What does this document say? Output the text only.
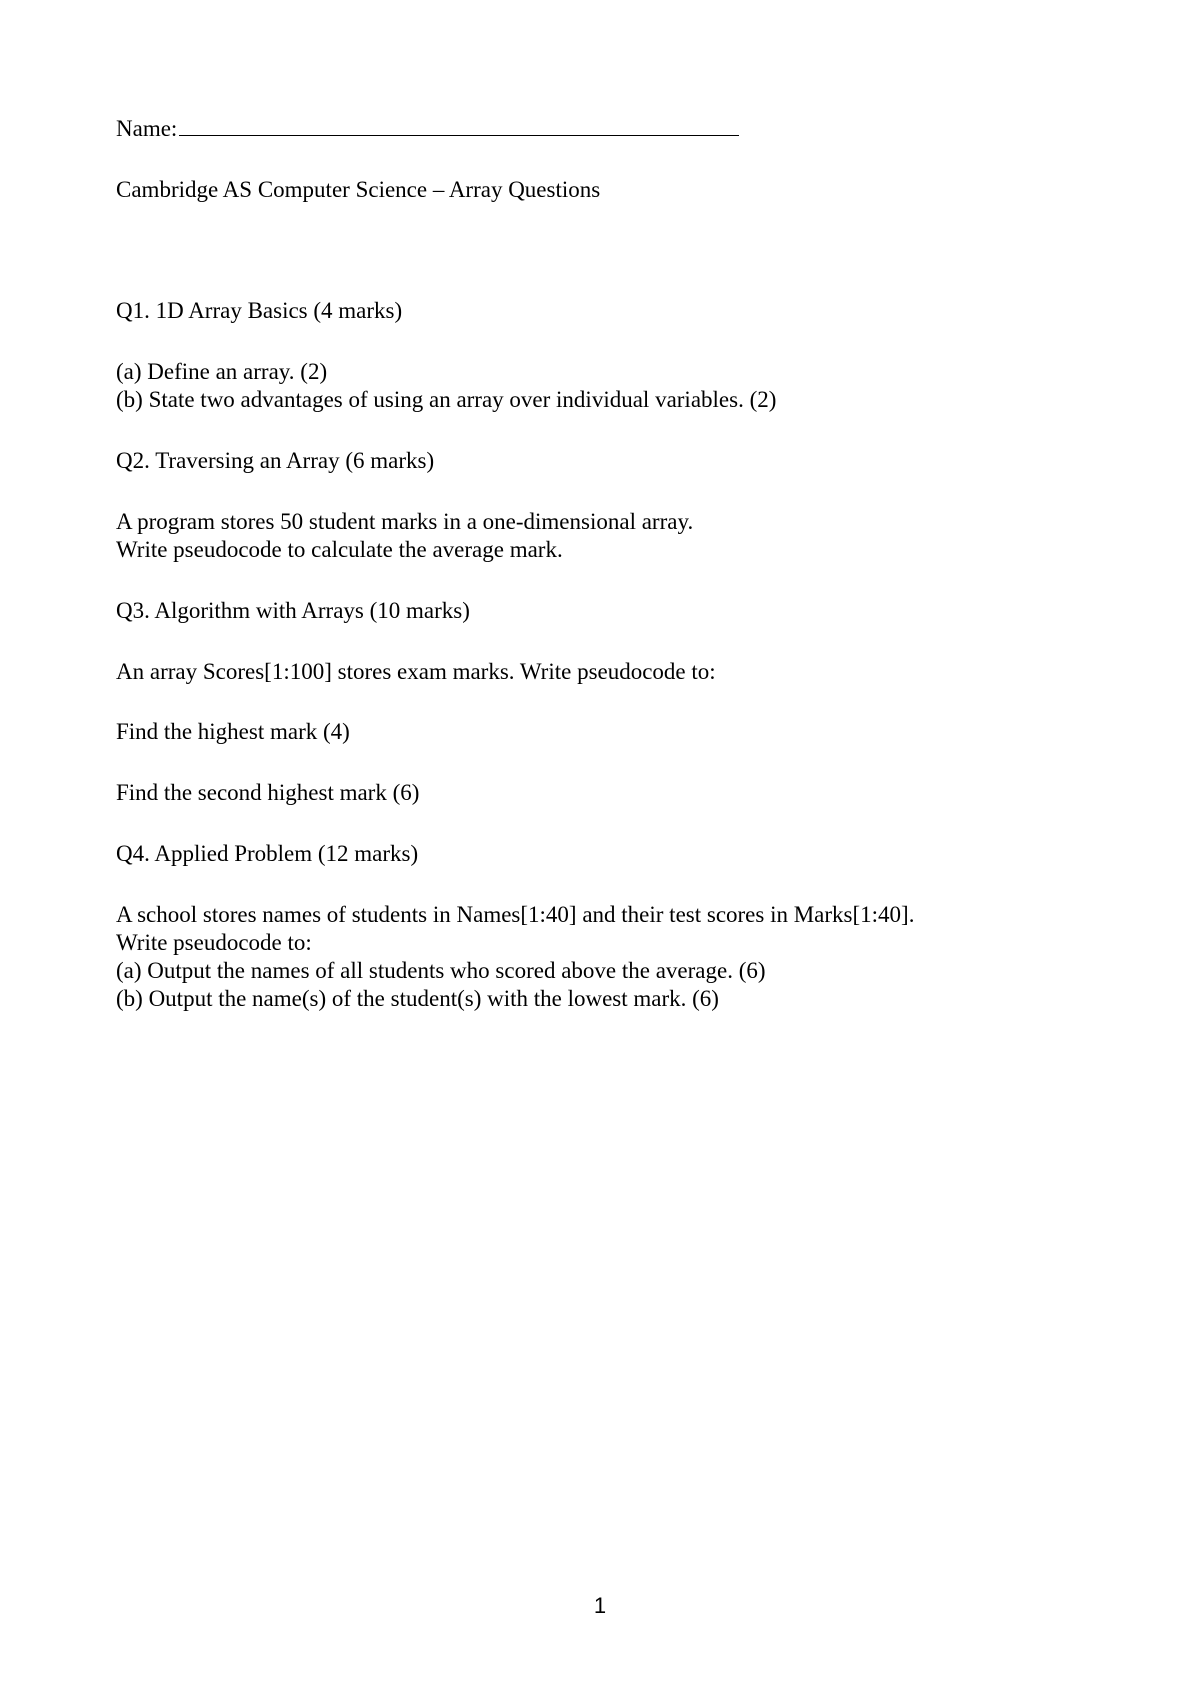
Name:
Cambridge AS Computer Science – Array Questions
Q1. 1D Array Basics (4 marks)
(a) Define an array. (2)
(b) State two advantages of using an array over individual variables. (2)
Q2. Traversing an Array (6 marks)
A program stores 50 student marks in a one-dimensional array.
Write pseudocode to calculate the average mark.
Q3. Algorithm with Arrays (10 marks)
An array Scores[1:100] stores exam marks. Write pseudocode to:
Find the highest mark (4)
Find the second highest mark (6)
Q4. Applied Problem (12 marks)
A school stores names of students in Names[1:40] and their test scores in Marks[1:40].
Write pseudocode to:
(a) Output the names of all students who scored above the average. (6)
(b) Output the name(s) of the student(s) with the lowest mark. (6)
1
